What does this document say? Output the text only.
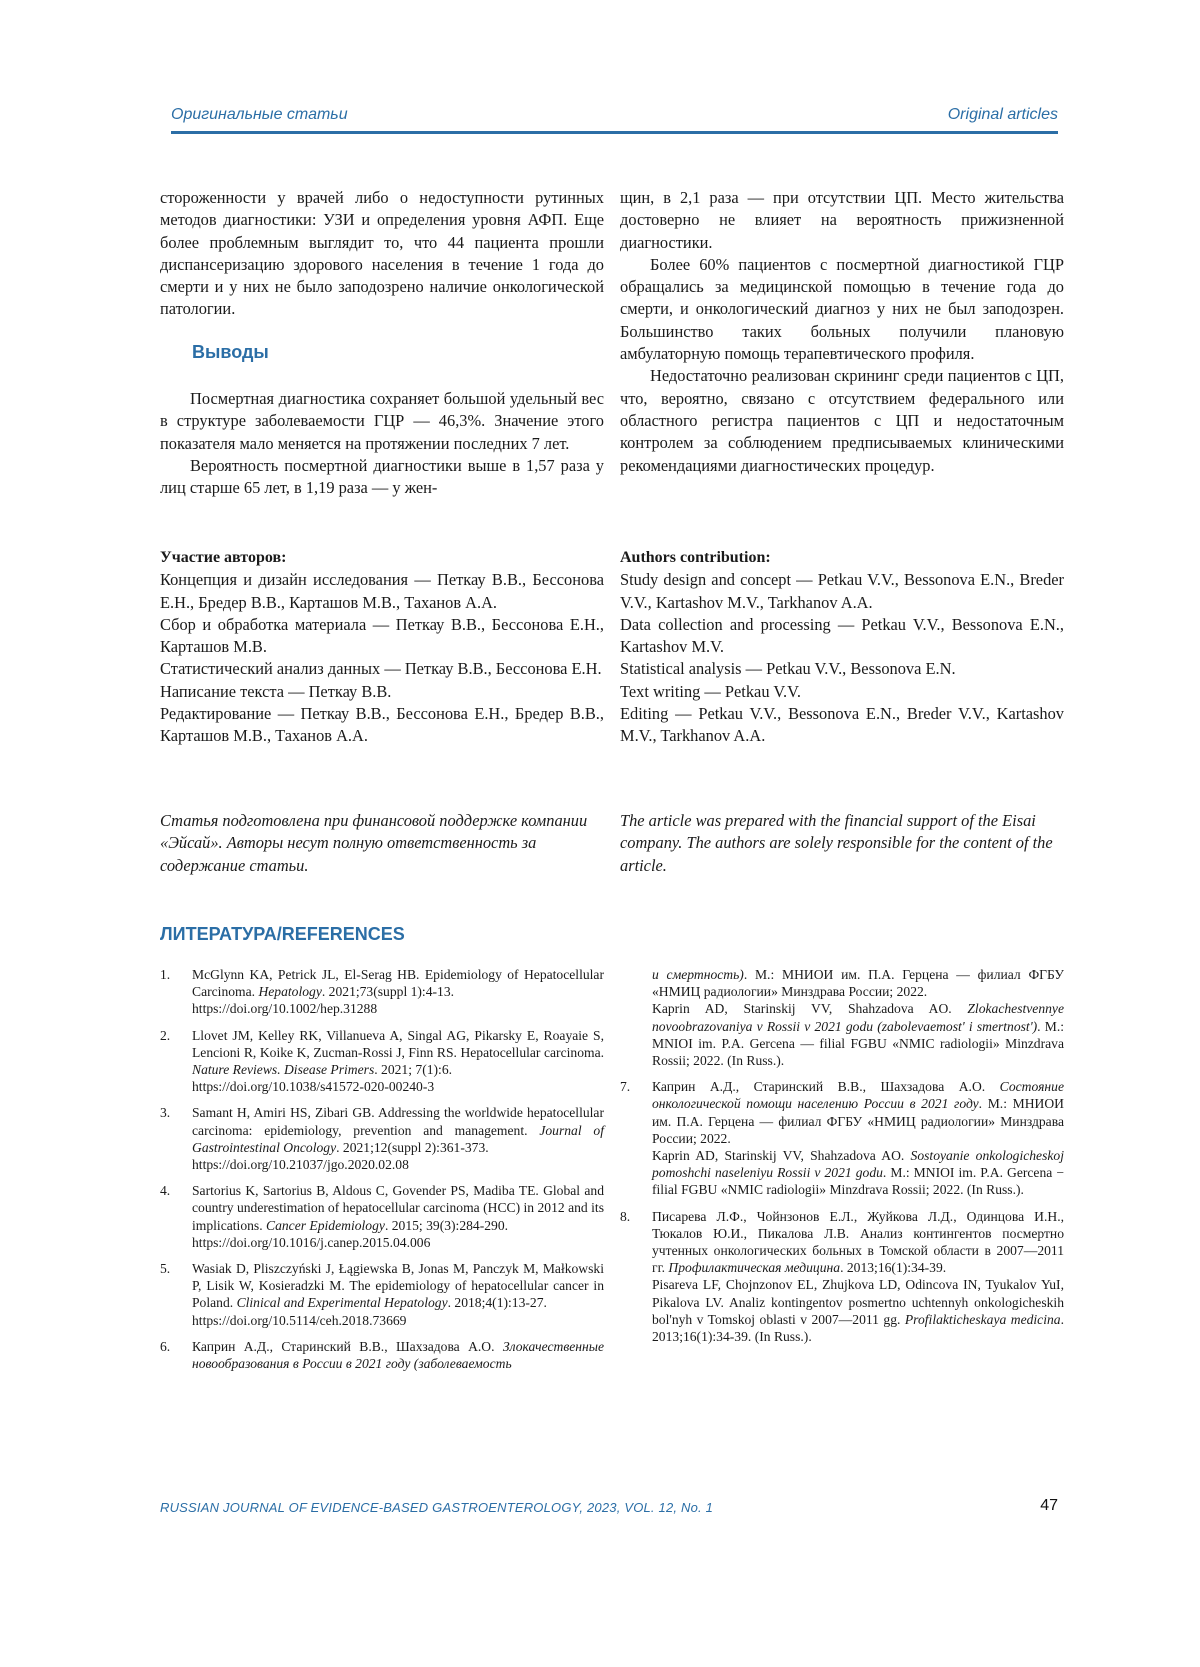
Оригинальные статьи	Original articles

стороженности у врачей либо о недоступности рутинных методов диагностики: УЗИ и определения уровня АФП. Еще более проблемным выглядит то, что 44 пациента прошли диспансеризацию здорового населения в течение 1 года до смерти и у них не было заподозрено наличие онкологической патологии.

Выводы

Посмертная диагностика сохраняет большой удельный вес в структуре заболеваемости ГЦР — 46,3%. Значение этого показателя мало меняется на протяжении последних 7 лет.

Вероятность посмертной диагностики выше в 1,57 раза у лиц старше 65 лет, в 1,19 раза — у жен-

щин, в 2,1 раза — при отсутствии ЦП. Место жительства достоверно не влияет на вероятность прижизненной диагностики.

Более 60% пациентов с посмертной диагностикой ГЦР обращались за медицинской помощью в течение года до смерти, и онкологический диагноз у них не был заподозрен. Большинство таких больных получили плановую амбулаторную помощь терапевтического профиля.

Недостаточно реализован скрининг среди пациентов с ЦП, что, вероятно, связано с отсутствием федерального или областного регистра пациентов с ЦП и недостаточным контролем за соблюдением предписываемых клиническими рекомендациями диагностических процедур.

Участие авторов:

Концепция и дизайн исследования — Петкау В.В., Бессонова Е.Н., Бредер В.В., Карташов М.В., Таханов А.А.

Сбор и обработка материала — Петкау В.В., Бессонова Е.Н., Карташов М.В.

Статистический анализ данных — Петкау В.В., Бессонова Е.Н.

Написание текста — Петкау В.В.

Редактирование — Петкау В.В., Бессонова Е.Н., Бредер В.В., Карташов М.В., Таханов А.А.

Authors contribution:

Study design and concept — Petkau V.V., Bessonova E.N., Breder V.V., Kartashov M.V., Tarkhanov A.A.

Data collection and processing — Petkau V.V., Bessonova E.N., Kartashov M.V.

Statistical analysis — Petkau V.V., Bessonova E.N.

Text writing — Petkau V.V.

Editing — Petkau V.V., Bessonova E.N., Breder V.V., Kartashov M.V., Tarkhanov A.A.

Статья подготовлена при финансовой поддержке компании «Эйсай». Авторы несут полную ответственность за содержание статьи.

The article was prepared with the financial support of the Eisai company. The authors are solely responsible for the content of the article.

ЛИТЕРАТУРА/REFERENCES
1. McGlynn KA, Petrick JL, El-Serag HB. Epidemiology of Hepatocellular Carcinoma. Hepatology. 2021;73(suppl 1):4-13.
https://doi.org/10.1002/hep.31288
2. Llovet JM, Kelley RK, Villanueva A, Singal AG, Pikarsky E, Roayaie S, Lencioni R, Koike K, Zucman-Rossi J, Finn RS. Hepatocellular carcinoma. Nature Reviews. Disease Primers. 2021; 7(1):6.
https://doi.org/10.1038/s41572-020-00240-3
3. Samant H, Amiri HS, Zibari GB. Addressing the worldwide hepatocellular carcinoma: epidemiology, prevention and management. Journal of Gastrointestinal Oncology. 2021;12(suppl 2):361-373.
https://doi.org/10.21037/jgo.2020.02.08
4. Sartorius K, Sartorius B, Aldous C, Govender PS, Madiba TE. Global and country underestimation of hepatocellular carcinoma (HCC) in 2012 and its implications. Cancer Epidemiology. 2015; 39(3):284-290.
https://doi.org/10.1016/j.canep.2015.04.006
5. Wasiak D, Pliszczyński J, Łągiewska B, Jonas M, Panczyk M, Małkowski P, Lisik W, Kosieradzki M. The epidemiology of hepatocellular cancer in Poland. Clinical and Experimental Hepatology. 2018;4(1):13-27.
https://doi.org/10.5114/ceh.2018.73669
6. Каприн А.Д., Старинский В.В., Шахзадова А.О. Злокачественные новообразования в России в 2021 году (заболеваемость
и смертность). М.: МНИОИ им. П.А. Герцена — филиал ФГБУ «НМИЦ радиологии» Минздрава России; 2022.
Kaprin AD, Starinskij VV, Shahzadova AO. Zlokachestvennye novoobrazovaniya v Rossii v 2021 godu (zabolevaemost' i smertnost'). M.: MNIOI im. P.A. Gercena — filial FGBU «NMIC radiologii» Minzdrava Rossii; 2022. (In Russ.).
7. Каприн А.Д., Старинский В.В., Шахзадова А.О. Состояние онкологической помощи населению России в 2021 году. М.: МНИОИ им. П.А. Герцена — филиал ФГБУ «НМИЦ радиологии» Минздрава России; 2022.
Kaprin AD, Starinskij VV, Shahzadova AO. Sostoyanie onkologicheskoj pomoshchi naseleniyu Rossii v 2021 godu. M.: MNIOI im. P.A. Gercena − filial FGBU «NMIC radiologii» Minzdrava Rossii; 2022. (In Russ.).
8. Писарева Л.Ф., Чойнзонов Е.Л., Жуйкова Л.Д., Одинцова И.Н., Тюкалов Ю.И., Пикалова Л.В. Анализ контингентов посмертно учтенных онкологических больных в Томской области в 2007—2011 гг. Профилактическая медицина. 2013;16(1):34-39.
Pisareva LF, Chojnzonov EL, Zhujkova LD, Odincova IN, Tyukalov YuI, Pikalova LV. Analiz kontingentov posmertno uchtennyh onkologicheskih bol'nyh v Tomskoj oblasti v 2007—2011 gg. Profilakticheskaya medicina. 2013;16(1):34-39. (In Russ.).
RUSSIAN JOURNAL OF EVIDENCE-BASED GASTROENTEROLOGY, 2023, VOL. 12, No. 1	47
